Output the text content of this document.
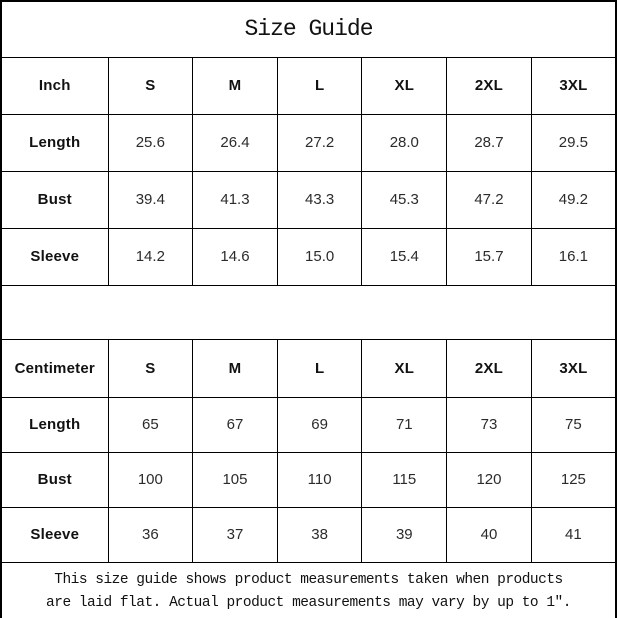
Size Guide						
Inch	S	M	L	XL	2XL	3XL
Length	25.6	26.4	27.2	28.0	28.7	29.5
Bust	39.4	41.3	43.3	45.3	47.2	49.2
Sleeve	14.2	14.6	15.0	15.4	15.7	16.1

Centimeter	S	M	L	XL	2XL	3XL
Length	65	67	69	71	73	75
Bust	100	105	110	115	120	125
Sleeve	36	37	38	39	40	41

This size guide shows product measurements taken when products
are laid flat. Actual product measurements may vary by up to 1″.						
